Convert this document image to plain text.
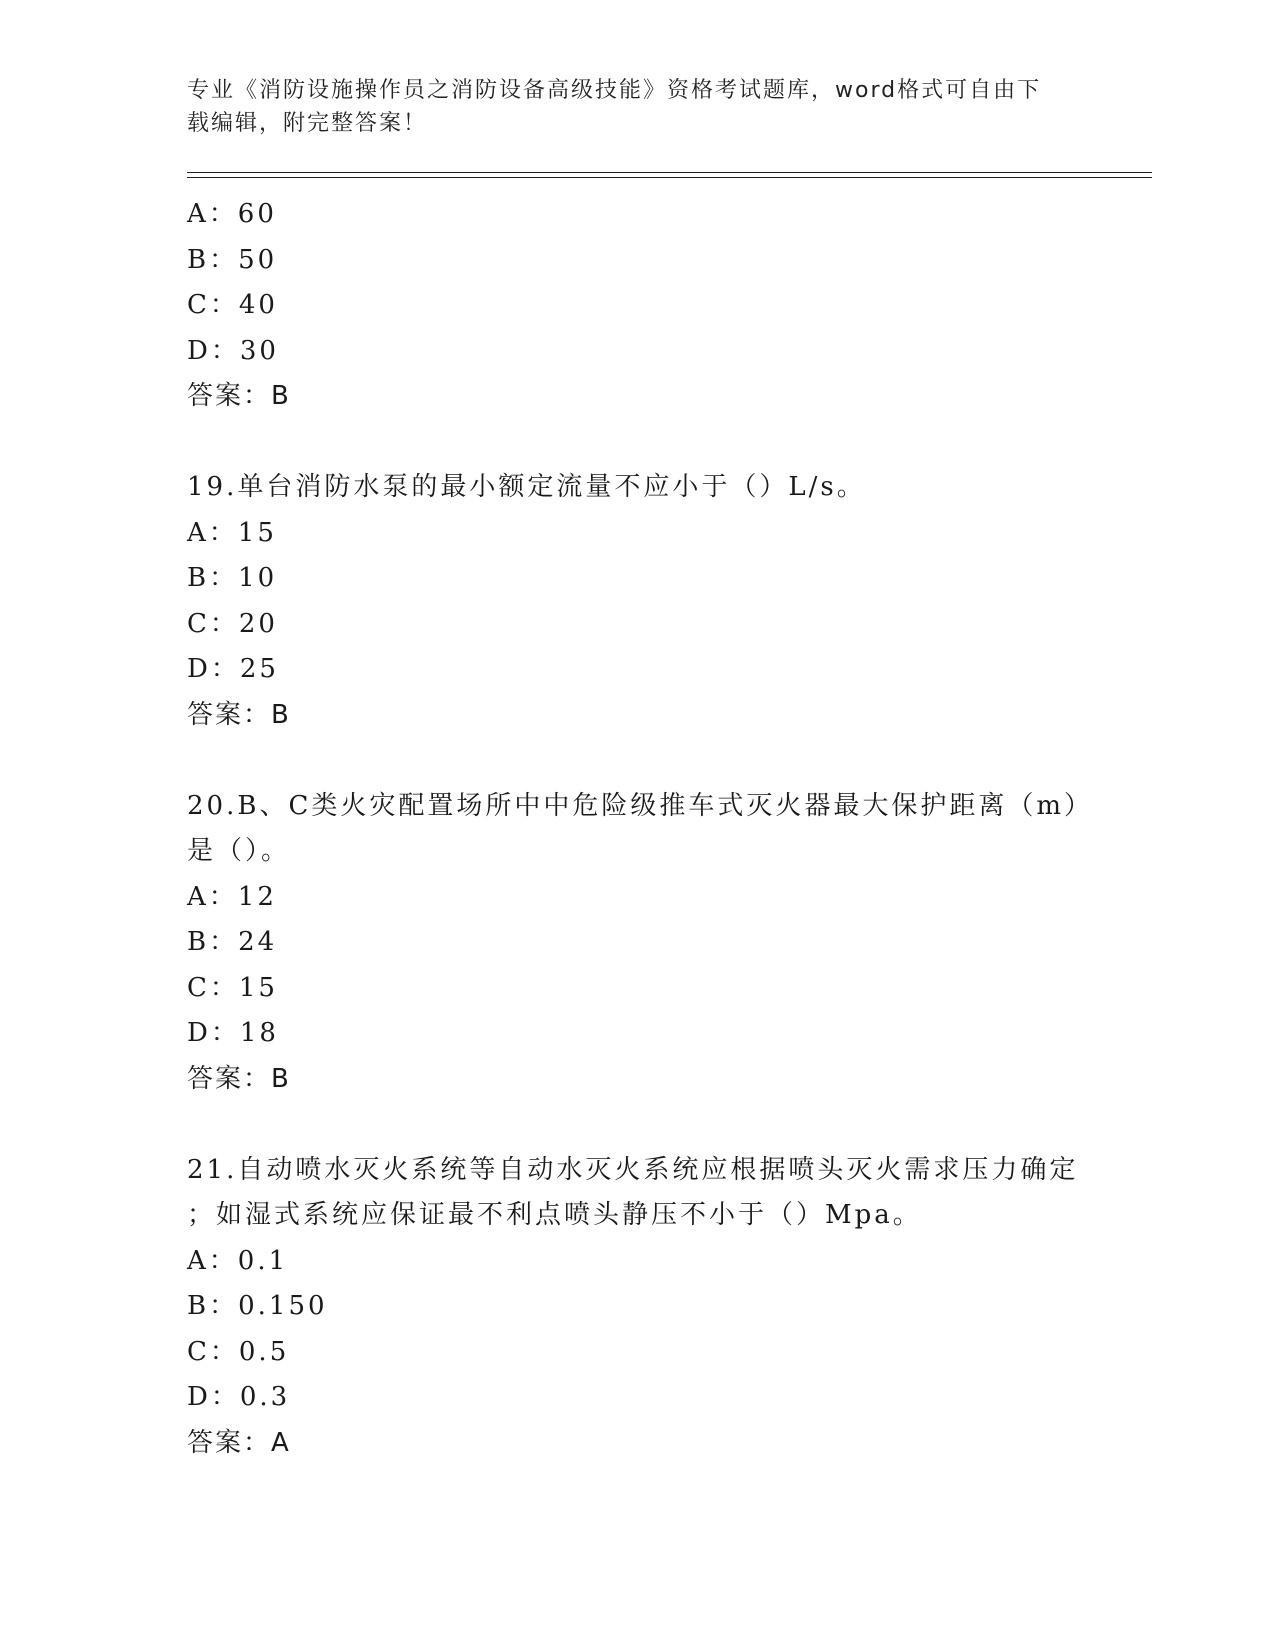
专业《消防设施操作员之消防设备高级技能》资格考试题库，word格式可自由下
载编辑，附完整答案！
A：60
B：50
C：40
D：30
答案：B
19.单台消防水泵的最小额定流量不应小于（）L/s。
A：15
B：10
C：20
D：25
答案：B
20.B、C类火灾配置场所中中危险级推车式灭火器最大保护距离（m）
是（）。
A：12
B：24
C：15
D：18
答案：B
21.自动喷水灭火系统等自动水灭火系统应根据喷头灭火需求压力确定
；如湿式系统应保证最不利点喷头静压不小于（）Mpa。
A：0.1
B：0.150
C：0.5
D：0.3
答案：A
